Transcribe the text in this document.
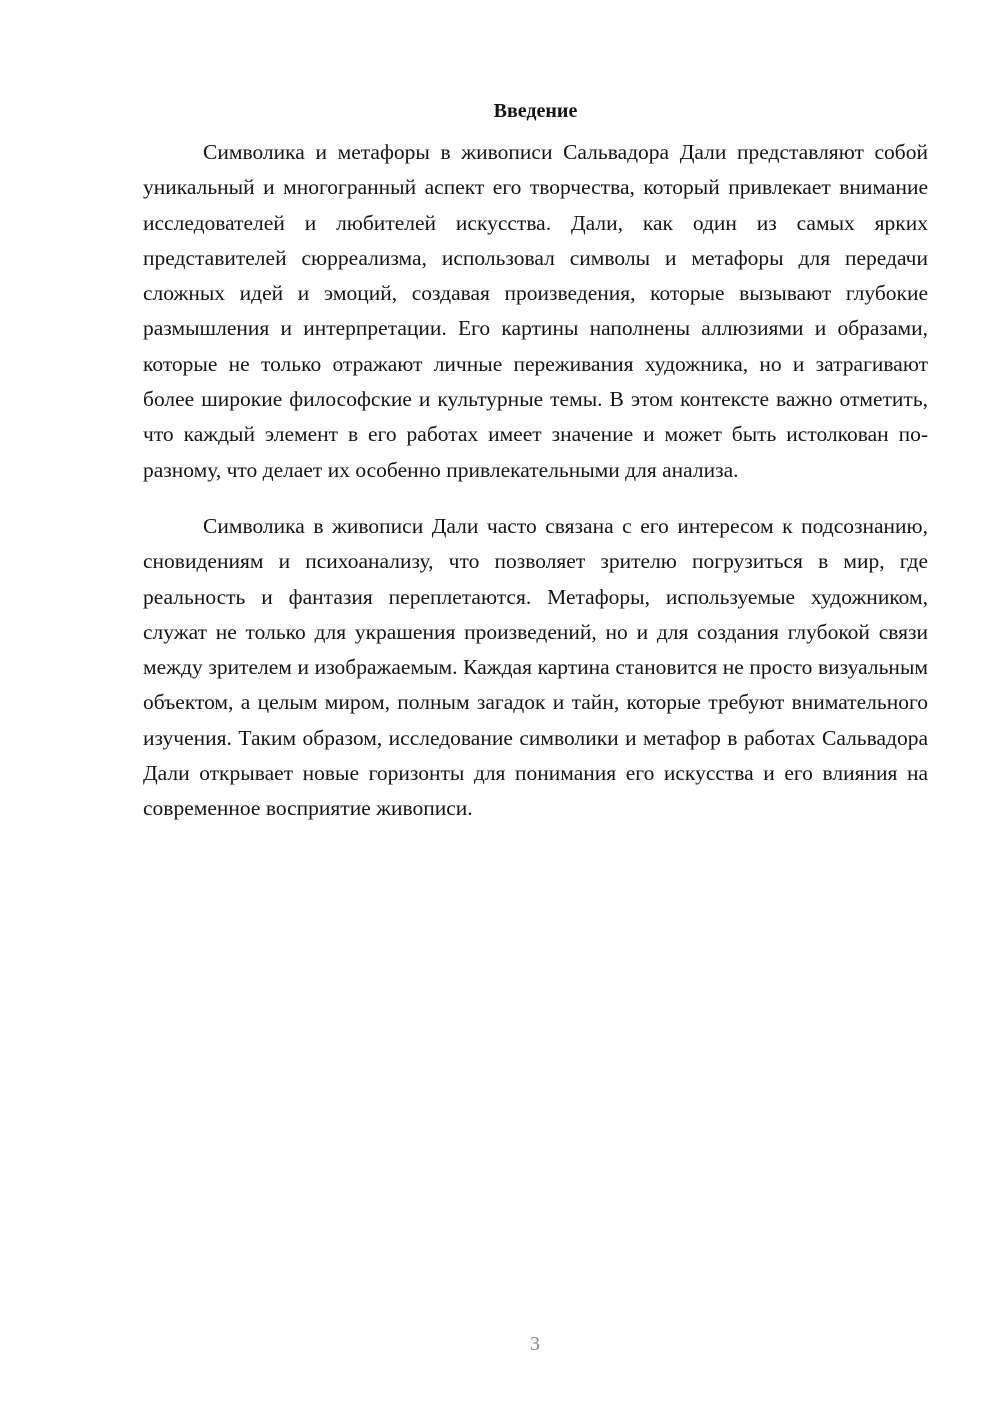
Введение

Символика и метафоры в живописи Сальвадора Дали представляют собой уникальный и многогранный аспект его творчества, который привлекает внимание исследователей и любителей искусства. Дали, как один из самых ярких представителей сюрреализма, использовал символы и метафоры для передачи сложных идей и эмоций, создавая произведения, которые вызывают глубокие размышления и интерпретации. Его картины наполнены аллюзиями и образами, которые не только отражают личные переживания художника, но и затрагивают более широкие философские и культурные темы. В этом контексте важно отметить, что каждый элемент в его работах имеет значение и может быть истолкован по-разному, что делает их особенно привлекательными для анализа.

Символика в живописи Дали часто связана с его интересом к подсознанию, сновидениям и психоанализу, что позволяет зрителю погрузиться в мир, где реальность и фантазия переплетаются. Метафоры, используемые художником, служат не только для украшения произведений, но и для создания глубокой связи между зрителем и изображаемым. Каждая картина становится не просто визуальным объектом, а целым миром, полным загадок и тайн, которые требуют внимательного изучения. Таким образом, исследование символики и метафор в работах Сальвадора Дали открывает новые горизонты для понимания его искусства и его влияния на современное восприятие живописи.

3
